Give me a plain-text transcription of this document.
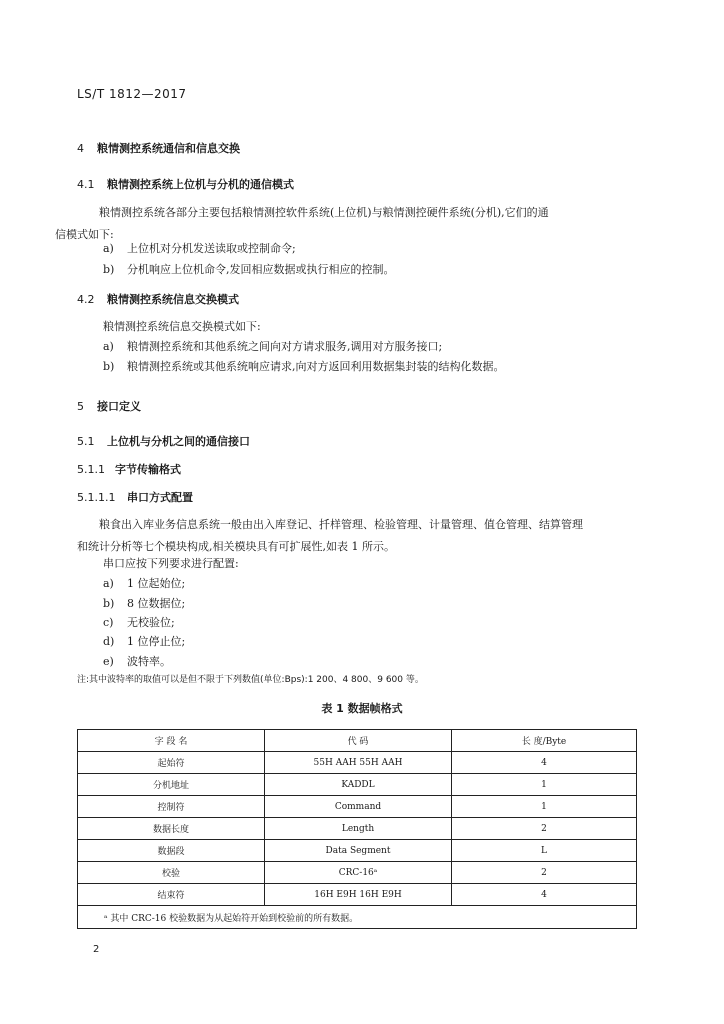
LS/T 1812—2017
4 粮情测控系统通信和信息交换
4.1 粮情测控系统上位机与分机的通信模式
粮情测控系统各部分主要包括粮情测控软件系统(上位机)与粮情测控硬件系统(分机),它们的通
信模式如下:
a) 上位机对分机发送读取或控制命令;
b) 分机响应上位机命令,发回相应数据或执行相应的控制。
4.2 粮情测控系统信息交换模式
粮情测控系统信息交换模式如下:
a) 粮情测控系统和其他系统之间向对方请求服务,调用对方服务接口;
b) 粮情测控系统或其他系统响应请求,向对方返回利用数据集封装的结构化数据。
5 接口定义
5.1 上位机与分机之间的通信接口
5.1.1 字节传输格式
5.1.1.1 串口方式配置
粮食出入库业务信息系统一般由出入库登记、扦样管理、检验管理、计量管理、值仓管理、结算管理
和统计分析等七个模块构成,相关模块具有可扩展性,如表 1 所示。
串口应按下列要求进行配置:
a) 1 位起始位;
b) 8 位数据位;
c) 无校验位;
d) 1 位停止位;
e) 波特率。
注:其中波特率的取值可以是但不限于下列数值(单位:Bps):1 200、4 800、9 600 等。
表 1 数据帧格式
字 段 名	代 码	长 度/Byte
起始符	55H AAH 55H AAH	4
分机地址	KADDL	1
控制符	Command	1
数据长度	Length	2
数据段	Data Segment	L
校验	CRC-16ᵃ	2
结束符	16H E9H 16H E9H	4
ᵃ 其中 CRC-16 校验数据为从起始符开始到校验前的所有数据。		
2
